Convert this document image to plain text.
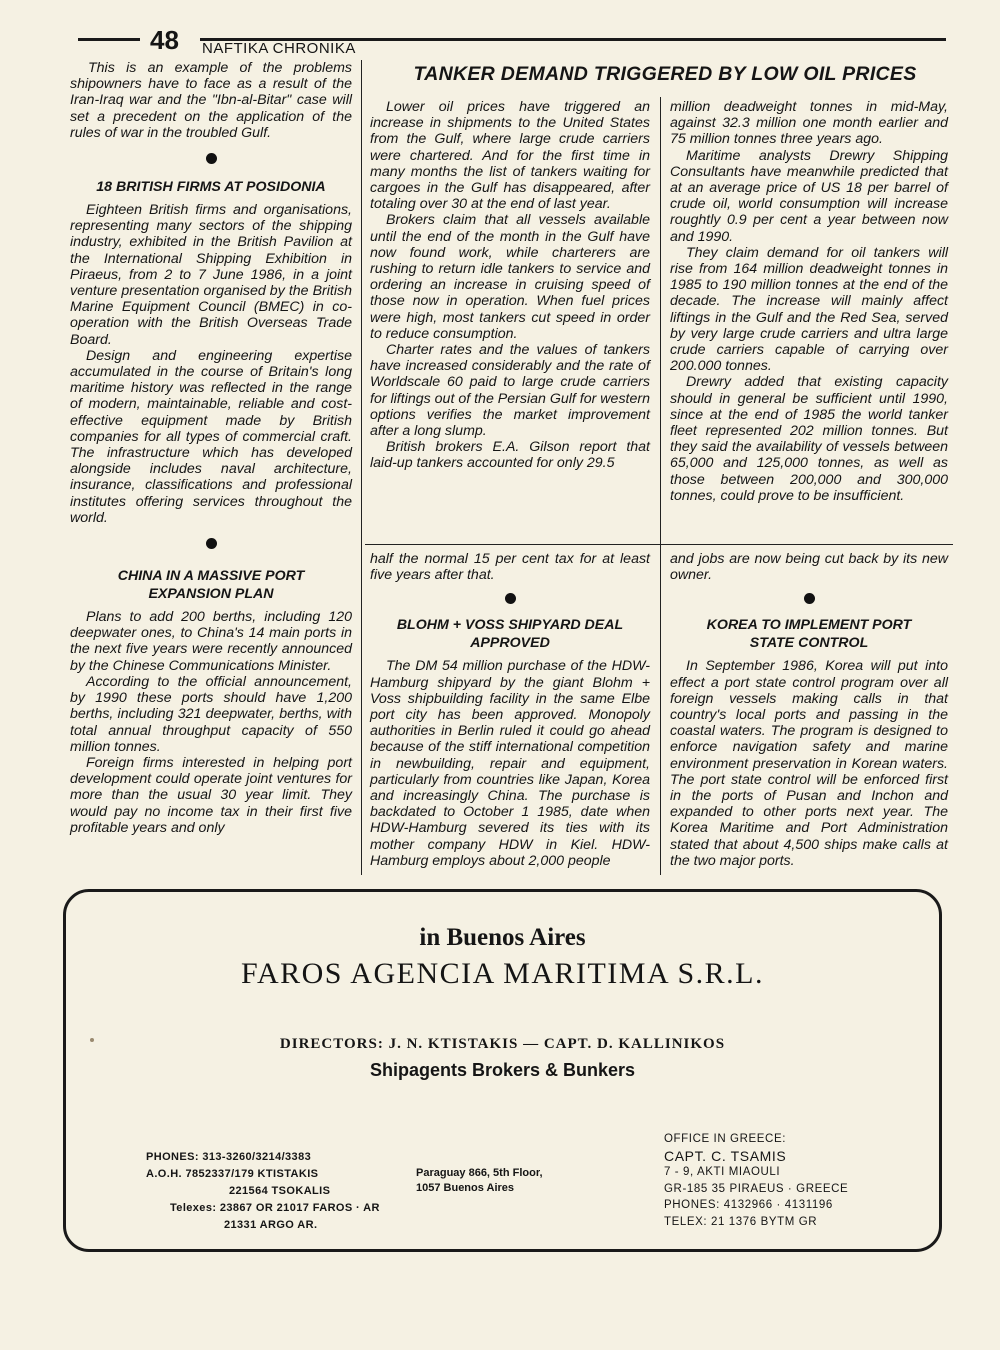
48 NAFTIKA CHRONIKA
TANKER DEMAND TRIGGERED BY LOW OIL PRICES

This is an example of the problems shipowners have to face as a result of the Iran-Iraq war and the "Ibn-al-Bitar" case will set a precedent on the application of the rules of war in the troubled Gulf.

18 BRITISH FIRMS AT POSIDONIA

Eighteen British firms and organisations, representing many sectors of the shipping industry, exhibited in the British Pavilion at the International Shipping Exhibition in Piraeus, from 2 to 7 June 1986, in a joint venture presentation organised by the British Marine Equipment Council (BMEC) in co-operation with the British Overseas Trade Board.

Design and engineering expertise accumulated in the course of Britain's long maritime history was reflected in the range of modern, maintainable, reliable and cost-effective equipment made by British companies for all types of commercial craft. The infrastructure which has developed alongside includes naval architecture, insurance, classifications and professional institutes offering services throughout the world.

CHINA IN A MASSIVE PORT EXPANSION PLAN

Plans to add 200 berths, including 120 deepwater ones, to China's 14 main ports in the next five years were recently announced by the Chinese Communications Minister.

According to the official announcement, by 1990 these ports should have 1,200 berths, including 321 deepwater, berths, with total annual throughput capacity of 550 million tonnes.

Foreign firms interested in helping port development could operate joint ventures for more than the usual 30 year limit. They would pay no income tax in their first five profitable years and only

Lower oil prices have triggered an increase in shipments to the United States from the Gulf, where large crude carriers were chartered. And for the first time in many months the list of tankers waiting for cargoes in the Gulf has disappeared, after totaling over 30 at the end of last year.

Brokers claim that all vessels available until the end of the month in the Gulf have now found work, while charterers are rushing to return idle tankers to service and ordering an increase in cruising speed of those now in operation. When fuel prices were high, most tankers cut speed in order to reduce consumption.

Charter rates and the values of tankers have increased considerably and the rate of Worldscale 60 paid to large crude carriers for liftings out of the Persian Gulf for western options verifies the market improvement after a long slump.

British brokers E.A. Gilson report that laid-up tankers accounted for only 29.5

million deadweight tonnes in mid-May, against 32.3 million one month earlier and 75 million tonnes three years ago.

Maritime analysts Drewry Shipping Consultants have meanwhile predicted that at an average price of US 18 per barrel of crude oil, world consumption will increase roughtly 0.9 per cent a year between now and 1990.

They claim demand for oil tankers will rise from 164 million deadweight tonnes in 1985 to 190 million tonnes at the end of the decade. The increase will mainly affect liftings in the Gulf and the Red Sea, served by very large crude carriers and ultra large crude carriers capable of carrying over 200.000 tonnes.

Drewry added that existing capacity should in general be sufficient until 1990, since at the end of 1985 the world tanker fleet represented 202 million tonnes. But they said the availability of vessels between 65,000 and 125,000 tonnes, as well as those between 200,000 and 300,000 tonnes, could prove to be insufficient.

half the normal 15 per cent tax for at least five years after that.

BLOHM + VOSS SHIPYARD DEAL APPROVED

The DM 54 million purchase of the HDW-Hamburg shipyard by the giant Blohm + Voss shipbuilding facility in the same Elbe port city has been approved. Monopoly authorities in Berlin ruled it could go ahead because of the stiff international competition in newbuilding, repair and equipment, particularly from countries like Japan, Korea and increasingly China. The purchase is backdated to October 1 1985, date when HDW-Hamburg severed its ties with its mother company HDW in Kiel. HDW-Hamburg employs about 2,000 people

and jobs are now being cut back by its new owner.

KOREA TO IMPLEMENT PORT STATE CONTROL

In September 1986, Korea will put into effect a port state control program over all foreign vessels making calls in that country's local ports and passing in the coastal waters. The program is designed to enforce navigation safety and marine environment preservation in Korean waters. The port state control will be enforced first in the ports of Pusan and Inchon and expanded to other ports next year. The Korea Maritime and Port Administration stated that about 4,500 ships make calls at the two major ports.

in Buenos Aires
FAROS AGENCIA MARITIMA S.R.L.
DIRECTORS: J. N. KTISTAKIS — CAPT. D. KALLINIKOS
Shipagents Brokers & Bunkers
PHONES: 313-3260/3214/3383
A.O.H. 7852337/179 KTISTAKIS
221564 TSOKALIS
Telexes: 23867 OR 21017 FAROS · AR
21331 ARGO AR.
Paraguay 866, 5th Floor,
1057 Buenos Aires
OFFICE IN GREECE:
CAPT. C. TSAMIS
7 - 9, AKTI MIAOULI
GR-185 35 PIRAEUS · GREECE
PHONES: 4132966 · 4131196
TELEX: 21 1376 BYTM GR
